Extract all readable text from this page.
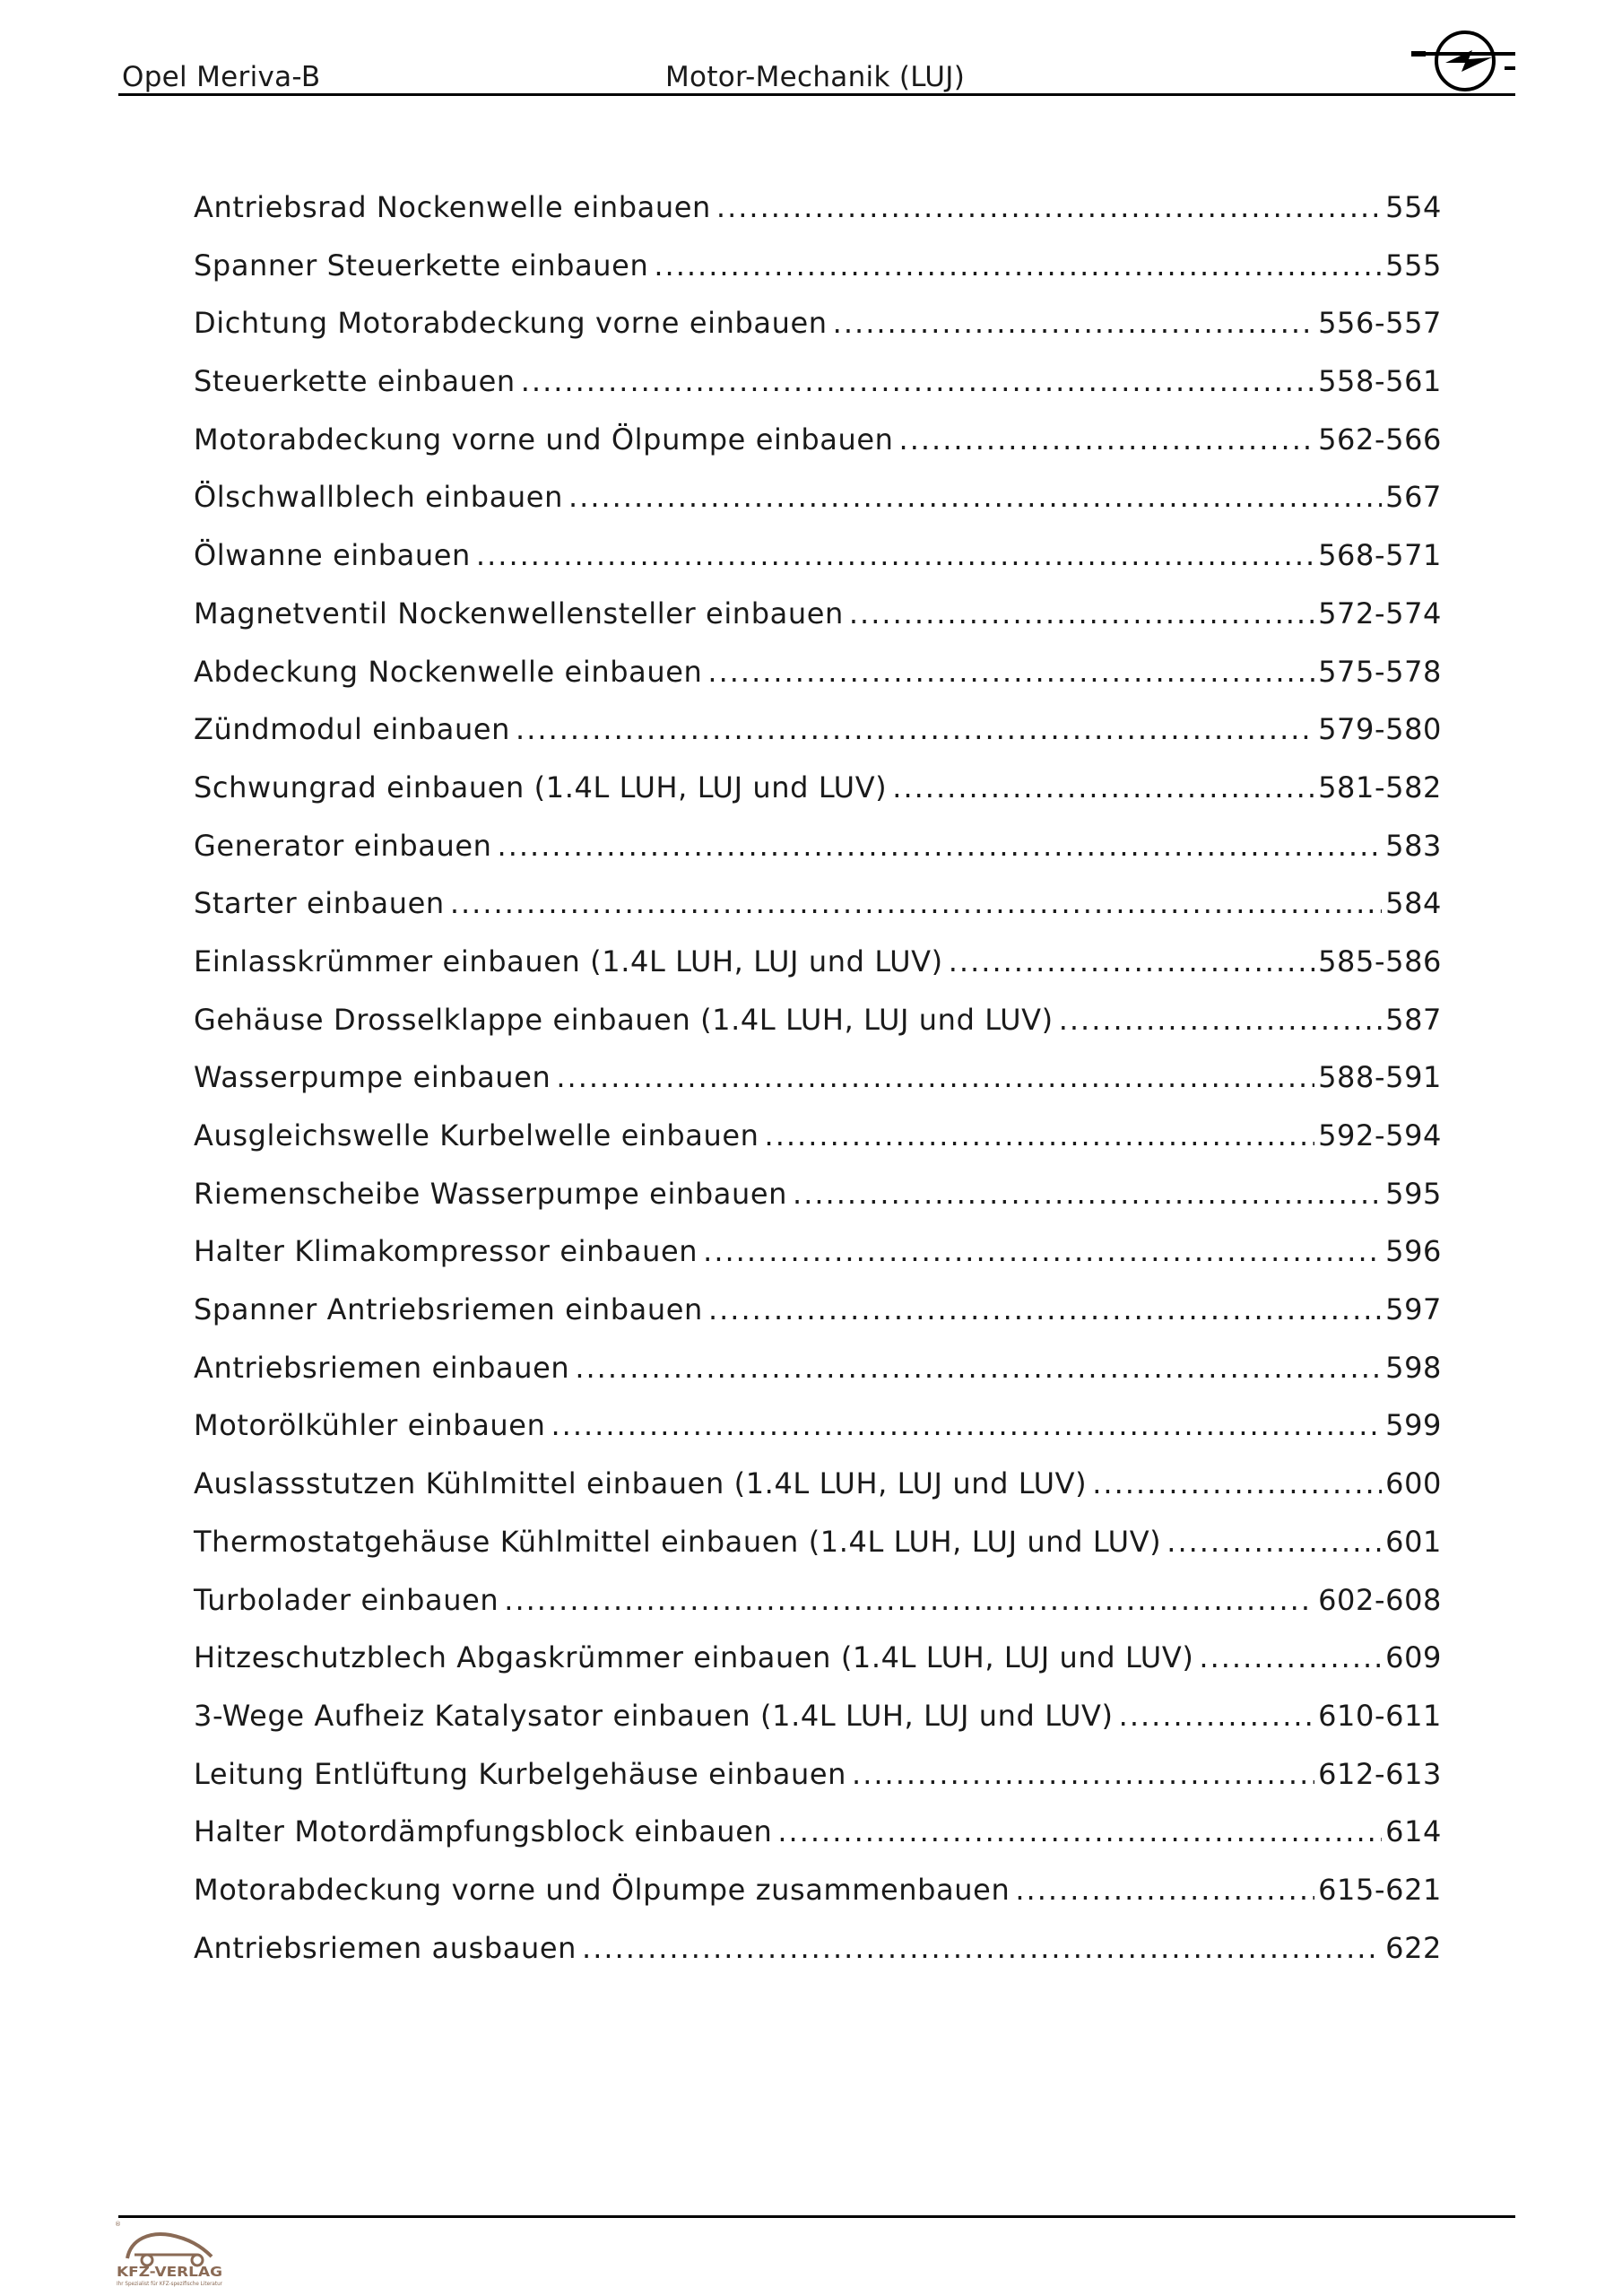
Opel Meriva-B	Motor-Mechanik (LUJ)
Antriebsrad Nockenwelle einbauen .....	554
Spanner Steuerkette einbauen .....	555
Dichtung Motorabdeckung vorne einbauen .....	556-557
Steuerkette einbauen .....	558-561
Motorabdeckung vorne und Ölpumpe einbauen .....	562-566
Ölschwallblech einbauen .....	567
Ölwanne einbauen .....	568-571
Magnetventil Nockenwellensteller einbauen .....	572-574
Abdeckung Nockenwelle einbauen .....	575-578
Zündmodul einbauen .....	579-580
Schwungrad einbauen (1.4L LUH, LUJ und LUV) .....	581-582
Generator einbauen .....	583
Starter einbauen .....	584
Einlasskrümmer einbauen (1.4L LUH, LUJ und LUV) .....	585-586
Gehäuse Drosselklappe einbauen (1.4L LUH, LUJ und LUV) .....	587
Wasserpumpe einbauen .....	588-591
Ausgleichswelle Kurbelwelle einbauen .....	592-594
Riemenscheibe Wasserpumpe einbauen .....	595
Halter Klimakompressor einbauen .....	596
Spanner Antriebsriemen einbauen .....	597
Antriebsriemen einbauen .....	598
Motorölkühler einbauen .....	599
Auslassstutzen Kühlmittel einbauen (1.4L LUH, LUJ und LUV) .....	600
Thermostatgehäuse Kühlmittel einbauen (1.4L LUH, LUJ und LUV) .....	601
Turbolader einbauen .....	602-608
Hitzeschutzblech Abgaskrümmer einbauen (1.4L LUH, LUJ und LUV) .....	609
3-Wege Aufheiz Katalysator einbauen (1.4L LUH, LUJ und LUV) .....	610-611
Leitung Entlüftung Kurbelgehäuse einbauen .....	612-613
Halter Motordämpfungsblock einbauen .....	614
Motorabdeckung vorne und Ölpumpe zusammenbauen .....	615-621
Antriebsriemen ausbauen .....	622
®
KFZ-VERLAG
Ihr Spezialist für KFZ-spezifische Literatur
